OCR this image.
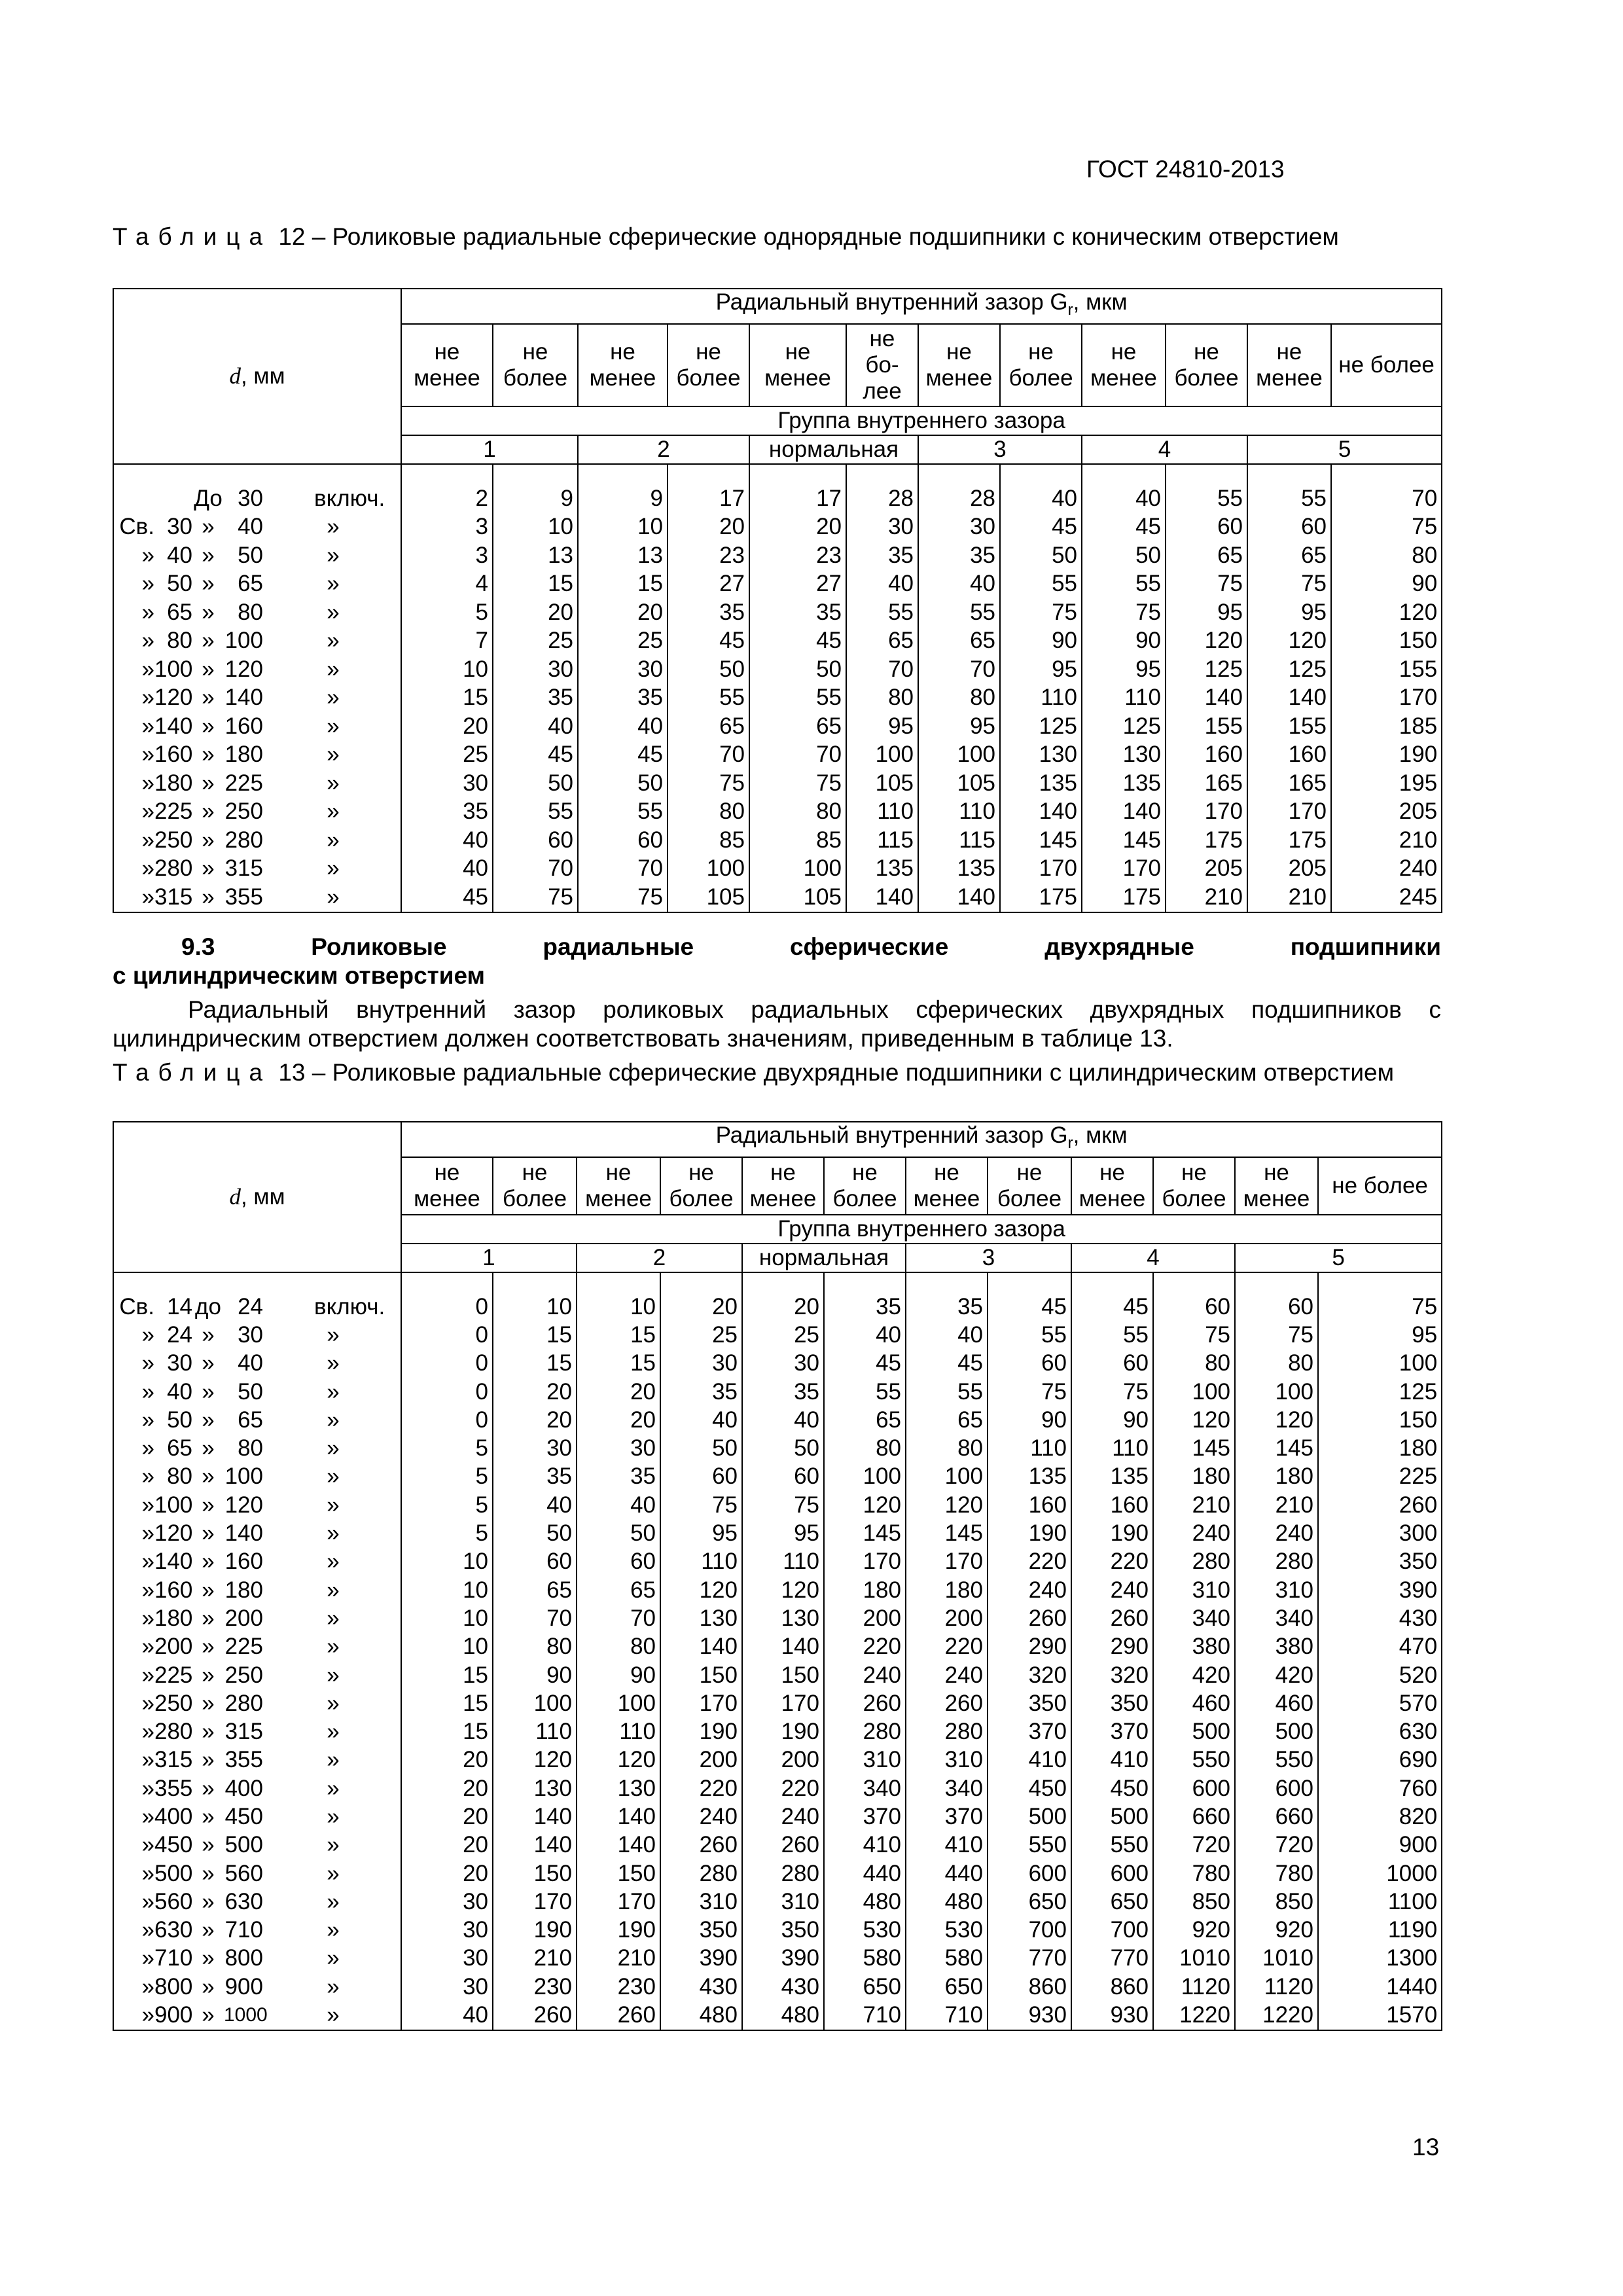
ГОСТ 24810-2013
Таблица 12 – Роликовые радиальные сферические однорядные подшипники с коническим отверстием
d, мм	Радиальный внутренний зазор $G_r$, мкм											
	не менее	не более	не менее	не более	не менее	не бо-лее	не менее	не более	не менее	не более	не менее	не более
	Группа внутреннего зазора											
	1		2		нормальная		3		4		5	

До 30 включ.	2	9	9	17	17	28	28	40	40	55	55	70

Св. 30 » 40 »	3	10	10	20	20	30	30	45	45	60	60	75

» 40 » 50 »	3	13	13	23	23	35	35	50	50	65	65	80

» 50 » 65 »	4	15	15	27	27	40	40	55	55	75	75	90

» 65 » 80 »	5	20	20	35	35	55	55	75	75	95	95	120

» 80 » 100 »	7	25	25	45	45	65	65	90	90	120	120	150

» 100 » 120 »	10	30	30	50	50	70	70	95	95	125	125	155

» 120 » 140 »	15	35	35	55	55	80	80	110	110	140	140	170

» 140 » 160 »	20	40	40	65	65	95	95	125	125	155	155	185

» 160 » 180 »	25	45	45	70	70	100	100	130	130	160	160	190

» 180 » 225 »	30	50	50	75	75	105	105	135	135	165	165	195

» 225 » 250 »	35	55	55	80	80	110	110	140	140	170	170	205

» 250 » 280 »	40	60	60	85	85	115	115	145	145	175	175	210

» 280 » 315 »	40	70	70	100	100	135	135	170	170	205	205	240

» 315 » 355 »	45	75	75	105	105	140	140	175	175	210	210	245
9.3	Роликовые	радиальные	сферические	двухрядные	подшипники
с цилиндрическим отверстием
Радиальный внутренний зазор роликовых радиальных сферических двухрядных подшипников с цилиндрическим отверстием должен соответствовать значениям, приведенным в таблице 13.
Таблица 13 – Роликовые радиальные сферические двухрядные подшипники с цилиндрическим отверстием
d, мм	Радиальный внутренний зазор $G_r$, мкм											
	не менее	не более	не менее	не более	не менее	не более	не менее	не более	не менее	не более	не менее	не более
	Группа внутреннего зазора											
	1		2		нормальная		3		4		5	

Св. 14 до 24 включ.	0	10	10	20	20	35	35	45	45	60	60	75

» 24 » 30 »	0	15	15	25	25	40	40	55	55	75	75	95

» 30 » 40 »	0	15	15	30	30	45	45	60	60	80	80	100

» 40 » 50 »	0	20	20	35	35	55	55	75	75	100	100	125

» 50 » 65 »	0	20	20	40	40	65	65	90	90	120	120	150

» 65 » 80 »	5	30	30	50	50	80	80	110	110	145	145	180

» 80 » 100 »	5	35	35	60	60	100	100	135	135	180	180	225

» 100 » 120 »	5	40	40	75	75	120	120	160	160	210	210	260

» 120 » 140 »	5	50	50	95	95	145	145	190	190	240	240	300

» 140 » 160 »	10	60	60	110	110	170	170	220	220	280	280	350

» 160 » 180 »	10	65	65	120	120	180	180	240	240	310	310	390

» 180 » 200 »	10	70	70	130	130	200	200	260	260	340	340	430

» 200 » 225 »	10	80	80	140	140	220	220	290	290	380	380	470

» 225 » 250 »	15	90	90	150	150	240	240	320	320	420	420	520

» 250 » 280 »	15	100	100	170	170	260	260	350	350	460	460	570

» 280 » 315 »	15	110	110	190	190	280	280	370	370	500	500	630

» 315 » 355 »	20	120	120	200	200	310	310	410	410	550	550	690

» 355 » 400 »	20	130	130	220	220	340	340	450	450	600	600	760

» 400 » 450 »	20	140	140	240	240	370	370	500	500	660	660	820

» 450 » 500 »	20	140	140	260	260	410	410	550	550	720	720	900

» 500 » 560 »	20	150	150	280	280	440	440	600	600	780	780	1000

» 560 » 630 »	30	170	170	310	310	480	480	650	650	850	850	1100

» 630 » 710 »	30	190	190	350	350	530	530	700	700	920	920	1190

» 710 » 800 »	30	210	210	390	390	580	580	770	770	1010	1010	1300

» 800 » 900 »	30	230	230	430	430	650	650	860	860	1120	1120	1440

» 900 » 1000 »	40	260	260	480	480	710	710	930	930	1220	1220	1570
13
